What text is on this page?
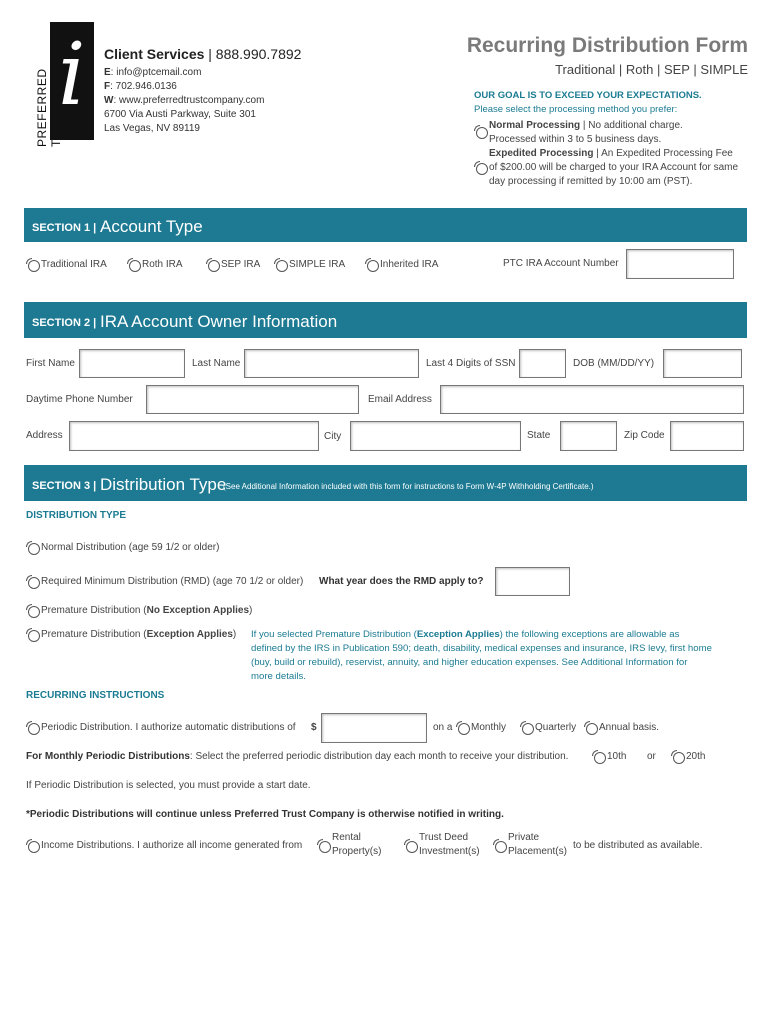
PREFERRED i Client Services | 888.990.7892
E: info@ptcemail.com
F: 702.946.0136
W: www.preferredtrustcompany.com
6700 Via Austi Parkway, Suite 301
Las Vegas, NV 89119
Recurring Distribution Form
Traditional | Roth | SEP | SIMPLE
OUR GOAL IS TO EXCEED YOUR EXPECTATIONS.
Please select the processing method you prefer:
Normal Processing | No additional charge.
Processed within 3 to 5 business days.
Expedited Processing | An Expedited Processing Fee
of $200.00 will be charged to your IRA Account for same
day processing if remitted by 10:00 am (PST).
SECTION 1 | Account Type
Traditional IRA	Roth IRA	SEP IRA	SIMPLE IRA	Inherited IRA	PTC IRA Account Number
SECTION 2 | IRA Account Owner Information
First Name	Last Name	Last 4 Digits of SSN	DOB (MM/DD/YY)
Daytime Phone Number	Email Address
Address	City	State	Zip Code
SECTION 3 | Distribution Type
(See Additional Information included with this form for instructions to Form W-4P Withholding Certificate.)
DISTRIBUTION TYPE
Normal Distribution (age 59 1/2 or older)
Required Minimum Distribution (RMD) (age 70 1/2 or older) What year does the RMD apply to?
Premature Distribution (No Exception Applies)
Premature Distribution (Exception Applies) If you selected Premature Distribution (Exception Applies) the following exceptions are allowable as
defined by the IRS in Publication 590; death, disability, medical expenses and insurance, IRS levy, first home
(buy, build or rebuild), reservist, annuity, and higher education expenses. See Additional Information for
more details.
RECURRING INSTRUCTIONS
Periodic Distribution. I authorize automatic distributions of $	on a Monthly	Quarterly Annual basis.
For Monthly Periodic Distributions: Select the preferred periodic distribution day each month to receive your distribution.	10th or	20th
If Periodic Distribution is selected, you must provide a start date.
*Periodic Distributions will continue unless Preferred Trust Company is otherwise notified in writing.
Income Distributions. I authorize all income generated from
Rental
Property(s)
Trust Deed
Investment(s)
Private
Placement(s)
to be distributed as available.
